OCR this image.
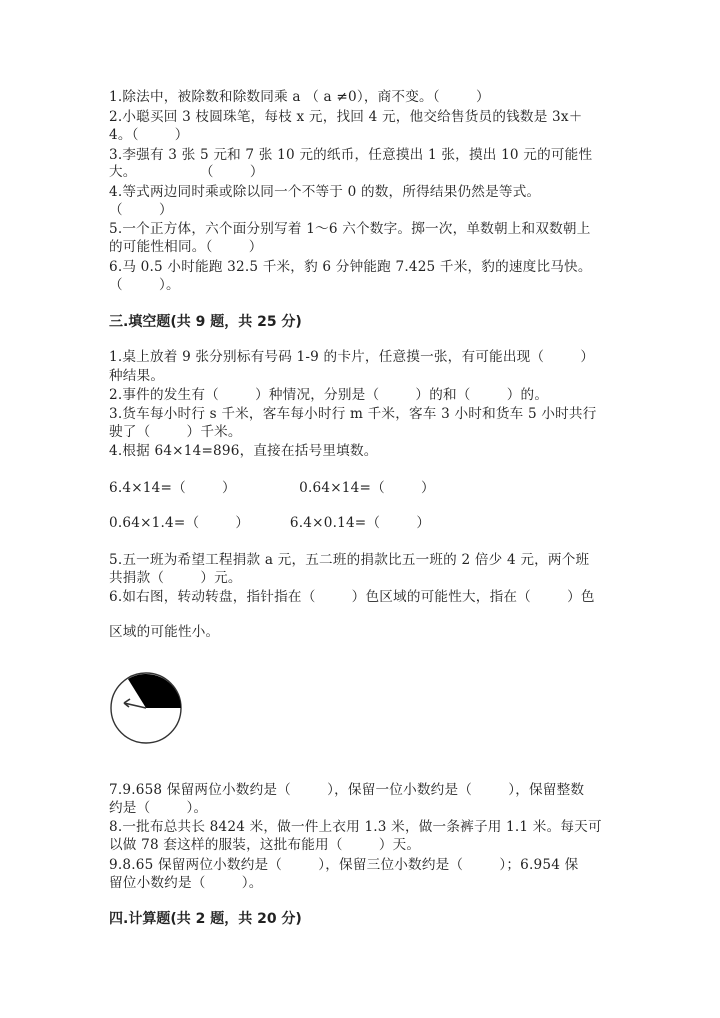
1.除法中，被除数和除数同乘 a （ a ≠0），商不变。（        ）
2.小聪买回 3 枝圆珠笔，每枝 x 元，找回 4 元，他交给售货员的钱数是 3x＋
4。（        ）
3.李强有 3 张 5 元和 7 张 10 元的纸币，任意摸出 1 张，摸出 10 元的可能性
大。              （        ）
4.等式两边同时乘或除以同一个不等于 0 的数，所得结果仍然是等式。
（        ）
5.一个正方体，六个面分别写着 1～6 六个数字。掷一次，单数朝上和双数朝上
的可能性相同。（        ）
6.马 0.5 小时能跑 32.5 千米，豹 6 分钟能跑 7.425 千米，豹的速度比马快。
（        ）。
三.填空题(共 9 题，共 25 分)
1.桌上放着 9 张分别标有号码 1-9 的卡片，任意摸一张，有可能出现（        ）
种结果。
2.事件的发生有（        ）种情况，分别是（        ）的和（        ）的。
3.货车每小时行 s 千米，客车每小时行 m 千米，客车 3 小时和货车 5 小时共行
驶了（        ）千米。
4.根据 64×14=896，直接在括号里填数。
6.4×14=（        ）              0.64×14=（        ）
0.64×1.4=（        ）         6.4×0.14=（        ）
5.五一班为希望工程捐款 a 元，五二班的捐款比五一班的 2 倍少 4 元，两个班
共捐款（        ）元。
6.如右图，转动转盘，指针指在（        ）色区域的可能性大，指在（        ）色
区域的可能性小。
7.9.658 保留两位小数约是（        ），保留一位小数约是（        ），保留整数
约是（        ）。
8.一批布总共长 8424 米，做一件上衣用 1.3 米，做一条裤子用 1.1 米。每天可
以做 78 套这样的服装，这批布能用（        ）天。
9.8.65 保留两位小数约是（        ），保留三位小数约是（        ）；6.954 保
留位小数约是（        ）。
四.计算题(共 2 题，共 20 分)
